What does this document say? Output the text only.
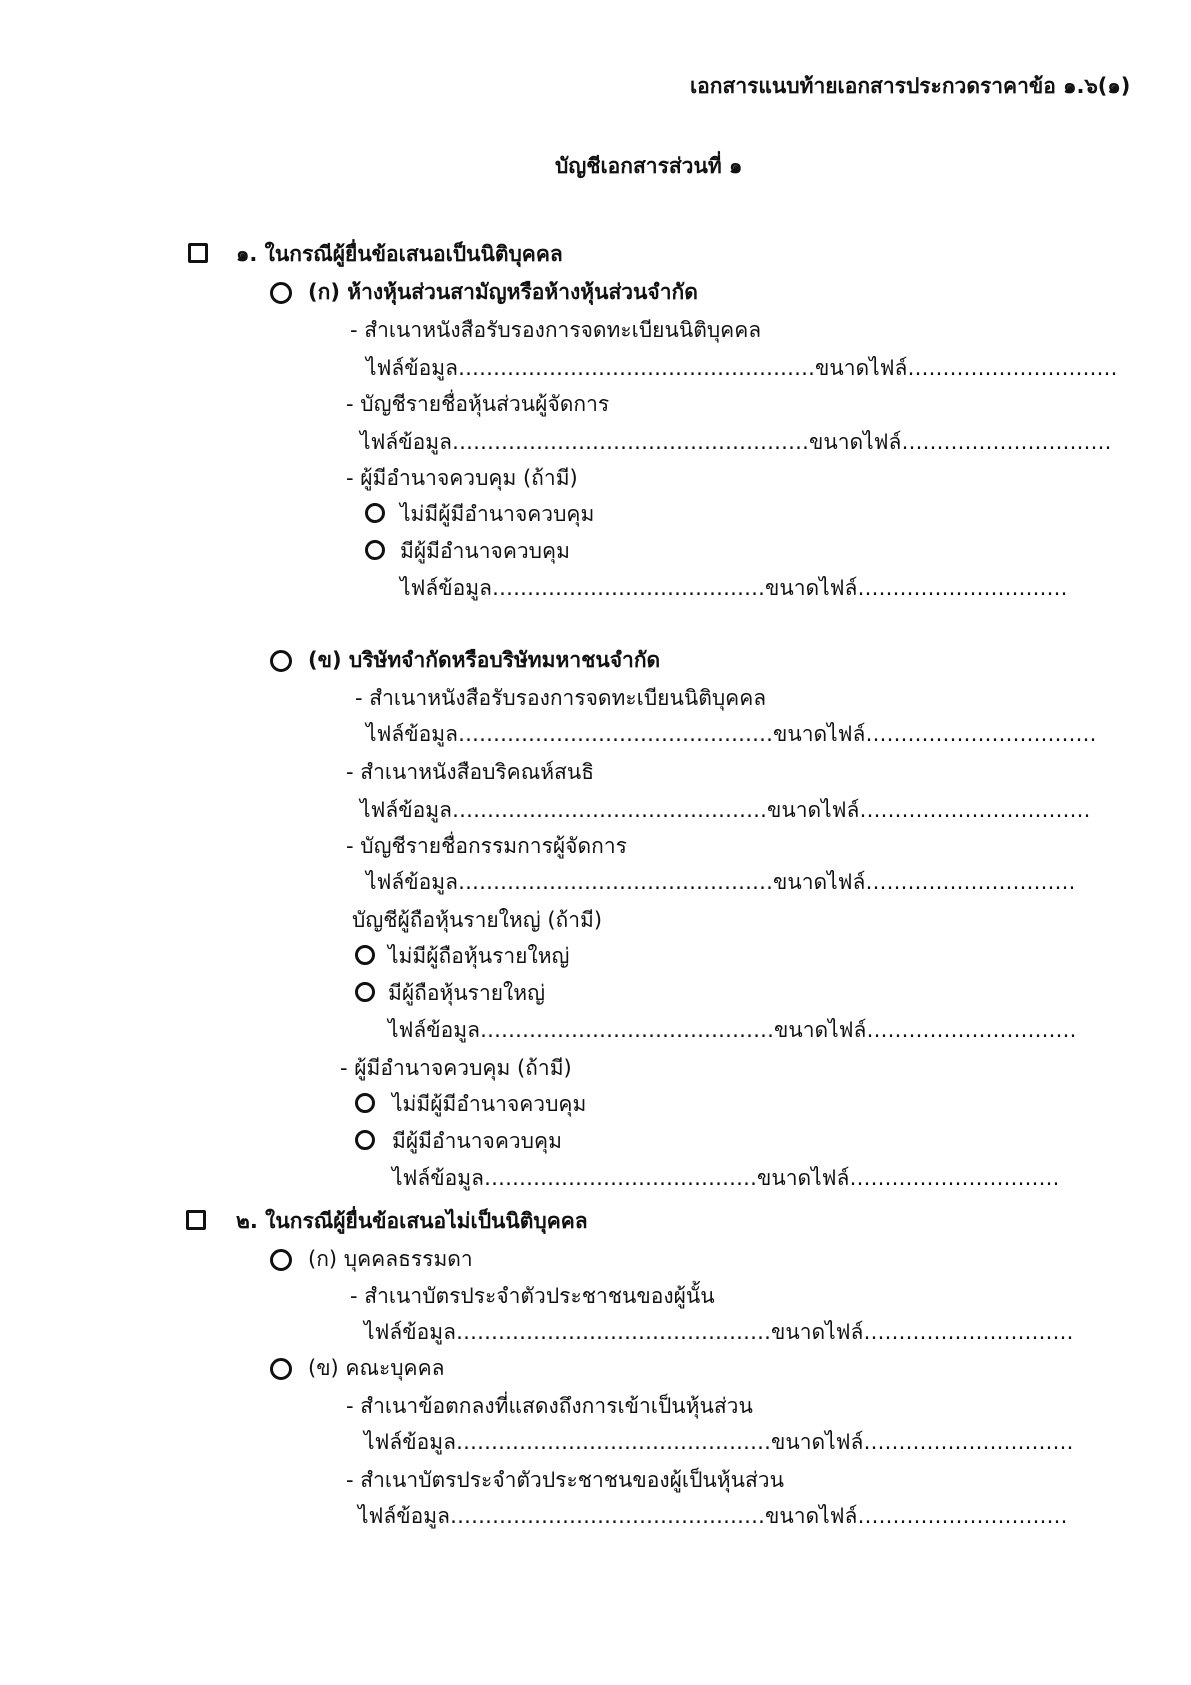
เอกสารแนบท้ายเอกสารประกวดราคาข้อ ๑.๖(๑)
บัญชีเอกสารส่วนที่ ๑
๑. ในกรณีผู้ยื่นข้อเสนอเป็นนิติบุคคล
(ก) ห้างหุ้นส่วนสามัญหรือห้างหุ้นส่วนจำกัด
- สำเนาหนังสือรับรองการจดทะเบียนนิติบุคคล
ไฟล์ข้อมูล……………………………………………ขนาดไฟล์…………………………
- บัญชีรายชื่อหุ้นส่วนผู้จัดการ
ไฟล์ข้อมูล……………………………………………ขนาดไฟล์…………………………
- ผู้มีอำนาจควบคุม (ถ้ามี)
ไม่มีผู้มีอำนาจควบคุม
มีผู้มีอำนาจควบคุม
ไฟล์ข้อมูล…………………………………ขนาดไฟล์…………………………
(ข) บริษัทจำกัดหรือบริษัทมหาชนจำกัด
- สำเนาหนังสือรับรองการจดทะเบียนนิติบุคคล
ไฟล์ข้อมูล………………………………………ขนาดไฟล์……………………………
- สำเนาหนังสือบริคณห์สนธิ
ไฟล์ข้อมูล………………………………………ขนาดไฟล์……………………………
- บัญชีรายชื่อกรรมการผู้จัดการ
ไฟล์ข้อมูล………………………………………ขนาดไฟล์…………………………
บัญชีผู้ถือหุ้นรายใหญ่ (ถ้ามี)
ไม่มีผู้ถือหุ้นรายใหญ่
มีผู้ถือหุ้นรายใหญ่
ไฟล์ข้อมูล……………………………………ขนาดไฟล์…………………………
- ผู้มีอำนาจควบคุม (ถ้ามี)
ไม่มีผู้มีอำนาจควบคุม
มีผู้มีอำนาจควบคุม
ไฟล์ข้อมูล…………………………………ขนาดไฟล์…………………………
๒. ในกรณีผู้ยื่นข้อเสนอไม่เป็นนิติบุคคล
(ก) บุคคลธรรมดา
- สำเนาบัตรประจำตัวประชาชนของผู้นั้น
ไฟล์ข้อมูล………………………………………ขนาดไฟล์…………………………
(ข) คณะบุคคล
- สำเนาข้อตกลงที่แสดงถึงการเข้าเป็นหุ้นส่วน
ไฟล์ข้อมูล………………………………………ขนาดไฟล์…………………………
- สำเนาบัตรประจำตัวประชาชนของผู้เป็นหุ้นส่วน
ไฟล์ข้อมูล………………………………………ขนาดไฟล์…………………………
